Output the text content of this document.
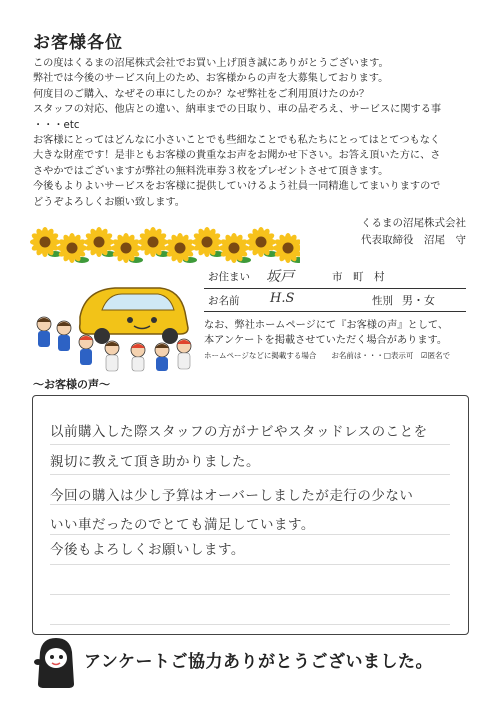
お客様各位

この度はくるまの沼尾株式会社でお買い上げ頂き誠にありがとうございます。

弊社では今後のサービス向上のため、お客様からの声を大募集しております。

何度目のご購入、なぜその車にしたのか？なぜ弊社をご利用頂けたのか？

スタッフの対応、他店との違い、納車までの日取り、車の品ぞろえ、サービスに関する事

・・・etc

お客様にとってはどんなに小さいことでも些細なことでも私たちにとってはとてつもなく

大きな財産です！是非ともお客様の貴重なお声をお聞かせ下さい。お答え頂いた方に、さ

さやかではございますが弊社の無料洗車券３枚をプレゼントさせて頂きます。

今後もよりよいサービスをお客様に提供していけるよう社員一同精進してまいりますので

どうぞよろしくお願い致します。

くるまの沼尾株式会社
代表取締役　沼尾　守
お住まい 坂戸	市　町　村
お名前 H.S	性別 男・女

なお、弊社ホームページにて『お客様の声』として、

本アンケートを掲載させていただく場合があります。

ホームページなどに掲載する場合　　お名前は・・・□表示可　☑匿名で
～お客様の声～
以前購入した際スタッフの方がナビやスタッドレスのことを
親切に教えて頂き助かりました。
今回の購入は少し予算はオーバーしましたが走行の少ない
いい車だったのでとても満足しています。
今後もよろしくお願いします。
アンケートご協力ありがとうございました。
